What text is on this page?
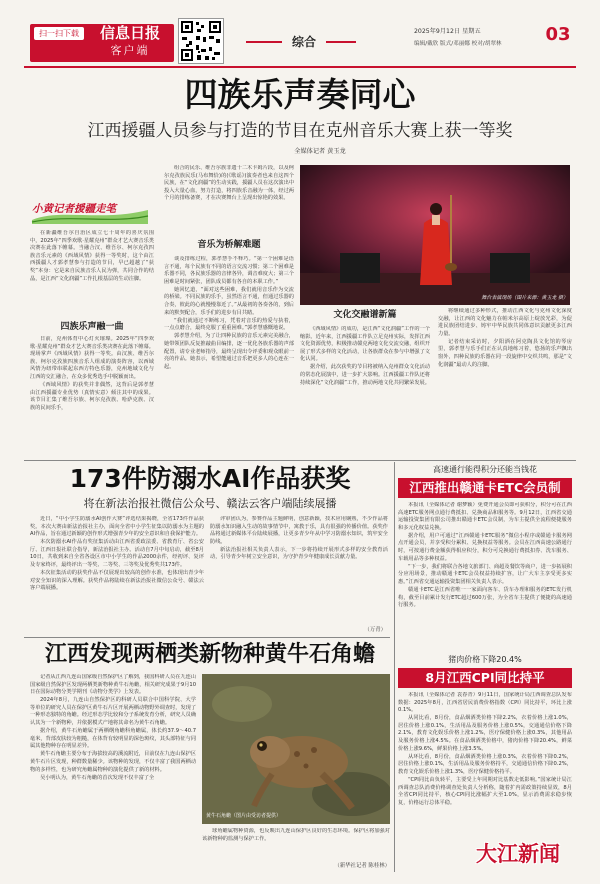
扫一扫下载	信息日报
客户端
综合
2025年9月12日 星期五
编辑/戴欣 版式/邓丽娜 校对/胡翠林	03
四族乐声奏同心
江西援疆人员参与打造的节目在克州音乐大赛上获一等奖
全媒体记者 黄玉龙
小黄记者援疆走笔

在新疆维吾尔自治区成立七十周年的喜庆氛围中，2025年“四季欢歌·星耀克州”群众才艺大赛音乐类决赛在此落下帷幕。当融合汉、维吾尔、柯尔克孜四族音乐元素的《西域风情》获得一等奖时，这个由江西援疆人才郭孝慧参与打造的节目，早已超越了“获奖”本身：它是来自民族音乐人民为弹，共同合作的结晶，是江西“文化润疆”工作扎根基层的生动注脚。

四族乐声融一曲

日前，克州体育中心灯火璀璨。2025年“四季欢歌·星耀克州”群众才艺大赛音乐类决赛在此落下帷幕。现场掌声《西域风情》获得一等奖。由汉族、维吾尔族、柯尔克孜族四族音乐人组成的演奏阵容，以西域风情为纽带串联起东西方特色乐器，克州地域文化与江西的交汇融合，在众多优秀选手中脱颖而出。

《西域风情》的获奖并非偶然，这背后是郭孝慧由江西援疆专业优势（真情实意）倾注其中的成果。该节目汇集了维吾尔族、柯尔克孜族、哈萨克族、汉族的民间乐手，

组合的民乐、维吾尔族非遗十二木卡姆片段，以及柯尔克孜族民乐(马布舞恰)的(《歌谣》)演奏者也来自这四个民族，在“文化润疆”的生动实践，援疆人员在这次演出中投入大量心血，努力打造，将四族乐音融为一体，经过两个月的排练备赛，才在决赛舞台上呈现出惊艳的效果。

音乐为桥解难题

谈及排练过程，郭孝慧手不释巧。“第一个困难是语言不通，每个民族有不同的语言交流习惯；第二个困难是乐器不同，各民族乐器的音律各异，调音难度大；第三个困难是时间紧张，团队成员都有各自的本职工作。”

她回忆道，“面对这些困难，我们就用音乐作为交流的桥梁。不同民族的乐手，虽然语言不通，但通过乐器的合奏，彼此的心就慢慢靠近了。”从最初的各奏各的，到后来的默契配合，乐手们的进步有目共睹。

“我们就通过不断练习，凭着对音乐的热爱与执着，一点点磨合，最终克服了重重困难。”郭孝慧感慨地说。

郭孝慧介绍，为了让四种民族的音乐元素完美融合，她带领团队反复推敲曲目编排，逐一优化各族乐器的声部配置，请专业老师指导，最终呈现出令评委和观众眼前一亮的作品。她表示，希望能通过音乐把更多人的心连在一起。

舞台表演现场（图片来源：黄玉龙 摄）
文化交融谱新篇

《西域风情》的成功，是江西“文化润疆”工作的一个缩影。近年来，江西援疆工作队立足克州实际，发挥江西文化资源优势，积极推动赣克两地文化交流交融，组织开展了形式多样的文化活动，让各族群众在参与中增强了文化认同。

据介绍，此次获奖的节目将被纳入克州群众文化活动的常态化展演中，进一步扩大影响。江西援疆工作队还将持续深化“文化润疆”工作，推动两地文化共同繁荣发展。

将继续通过多种形式，推动江西文化与克州文化深度交融，让江西的文化魅力在帕米尔高原上绽放光彩，为促进民族团结进步、铸牢中华民族共同体意识贡献更多江西力量。

记者结束采访时，夕阳洒在阿克陶县文化馆的琴房里，郭孝慧与乐手们正在认真地练习着，悠扬的乐声飘出窗外，四种民族的乐器在同一段旋律中交织共鸣，那是“文化润疆”最动人的注脚。

173件防溺水AI作品获奖
将在新法治报社微信公众号、赣法云客户端陆续展播

近日，“中小学生防溺水AI创作大赛”评选结果揭晓，全省173件作品获奖。本次大赛由新法治报社主办，面向全省中小学生征集以防溺水为主题的AI作品，旨在通过新颖的创作形式增强青少年的安全意识和自我保护能力。

本次防溺水AI作品有奖征集活动由江西省委政法委、省教育厅、省公安厅、江西日报社联合指导，新法治报社主办。活动自7月中旬启动，截至8月10日，共收到来自全省各设区市中小学生的作品2000余件，经初评、复评及专家终评，最终评出一等奖、二等奖、三等奖及优秀奖共173件。

本次征集活动的获奖作品不仅展现出较高的创作水准，也体现出青少年对安全知识的深入理解。获奖作品将陆续在新法治报社微信公众号、赣法云客户端展播。

评审团认为，参赛作品主题鲜明，创意新颖，技术应用娴熟，不少作品将防溺水知识融入生动的故事情节中，寓教于乐，具有很强的传播价值。获奖作品将通过新媒体平台陆续展播，让更多青少年从中学习防溺水知识，筑牢安全防线。

新法治报社相关负责人表示，下一步将持续开展形式多样的安全教育活动，引导青少年树立安全意识，为守护青少年健康成长贡献力量。

（万青）
江西发现两栖类新物种黄牛石角蟾

记者从江西九连山国家级自然保护区了解到，我国科研人员在九连山国家级自然保护区发现两栖类新物种黄牛石角蟾，相关研究成果于9月10日在国际动物分类学期刊《动物分类学》上发表。

2024年8月，九连山自然保护区的科研人员联合中国科学院、大学等单位的研究人员在保护区黄牛石片区开展两栖动物野外调查时，发现了一种形态独特的角蟾。经过形态学比较和分子系统发育分析，研究人员确认其为一个新物种，并依据模式产地将其命名为黄牛石角蟾。

据介绍，黄牛石角蟾属于两栖纲角蟾科角蟾属，体长约37.9～40.7毫米，背部皮肤较为粗糙，在体背有较明显的深色斑纹，其头部特征与同属其他物种存在明显差异。

黄牛石角蟾主要分布于海拔较高的溪流附近，目前仅在九连山保护区黄牛石片区发现，种群数量稀少。该物种的发现，不仅丰富了我国两栖动物的多样性，也为研究角蟾属物种的演化提供了新的材料。

吴小明认为，黄牛石角蟾的首次发现不仅丰富了全

黄牛石角蟾（图片由受访者提供）

球角蟾属物种资源，也反映出九连山保护区良好的生态环境。保护区将加强对该新物种的监测与保护工作。

（新华社记者 陈桂林）
高速通行能得积分还能当钱花
江西推出赣通卡ETC会员制

本报讯（全媒体记者 谢梦颖）免费开通会员即可获积分，积分可在江西高速ETC服务网点通行费抵扣、兑换商品和服务等。9月12日，江西省交通运输投资集团有限公司推出赣通卡ETC会员制，为车主提供全流程便捷服务和多元化权益兑换。

据介绍，用户可通过“江西赣通卡ETC服务”微信小程序或赣通卡服务网点开通会员，并享受积分累积、兑换权益等服务。会员在江西高速公路通行时，可按通行费金额获得相应积分，积分可兑换通行费抵扣券、洗车服务、车载用品等多种权益。

“下一步，我们将联合各地文旅部门、商超及餐饮等商户，进一步拓展积分应用场景，推动赣通卡ETC会员权益持续扩容，让广大车主享受更多实惠。”江西省交通运输投资集团相关负责人表示。

赣通卡ETC是江西省唯一一家面向客车、货车办理和服务的ETC发行机构，截至目前累计发行ETC超过600万张，为全省车主提供了便捷的高速通行服务。

猪肉价格下降20.4%
8月江西CPI同比持平

本报讯（全媒体记者 袁春青）9月11日，国家统计局江西调查总队发布数据：2025年8月，江西省居民消费价格指数（CPI）同比持平，环比上涨0.1%。

从同比看，8月份，食品烟酒类价格下降2.2%，衣着价格上涨1.0%，居住价格上涨0.1%，生活用品及服务价格上涨0.5%，交通通信价格下降2.1%，教育文化娱乐价格上涨1.2%，医疗保健价格上涨0.3%，其他用品及服务价格上涨4.5%。在食品烟酒类价格中，猪肉价格下降20.4%，鲜菜价格上涨9.6%，鲜果价格上涨3.5%。

从环比看，8月份，食品烟酒类价格上涨0.3%，衣着价格下降0.2%，居住价格上涨0.1%，生活用品及服务价格持平，交通通信价格下降0.2%，教育文化娱乐价格上涨1.3%，医疗保健价格持平。

“CPI同比由负转平，主要受上年同期对比基数走低影响。”国家统计局江西调查总队消费价格调查处负责人分析称，随着扩内需政策持续显效，8月全省CPI同比持平，核心CPI同比涨幅扩大至1.0%，显示消费需求稳步恢复，价格运行总体平稳。

大江新闻
